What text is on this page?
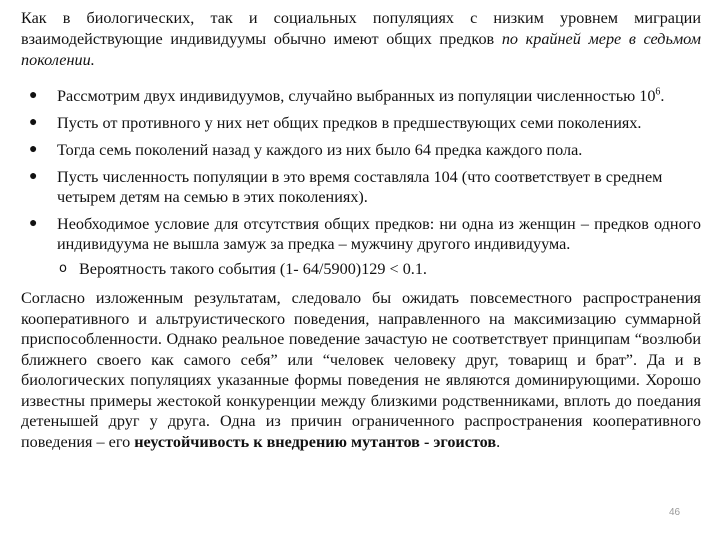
Как в биологических, так и социальных популяциях с низким уровнем миграции взаимодействующие индивидуумы обычно имеют общих предков по крайней мере в седьмом поколении.

● Рассмотрим двух индивидуумов, случайно выбранных из популяции численностью $10^6$.
● Пусть от противного у них нет общих предков в предшествующих семи поколениях.
● Тогда семь поколений назад у каждого из них было 64 предка каждого пола.
● Пусть численность популяции в это время составляла 104 (что соответствует в среднем четырем детям на семью в этих поколениях).
● Необходимое условие для отсутствия общих предков: ни одна из женщин – предков одного индивидуума не вышла замуж за предка – мужчину другого индивидуума.
o Вероятность такого события (1- 64/5900)129 < 0.1.

Согласно изложенным результатам, следовало бы ожидать повсеместного распространения кооперативного и альтруистического поведения, направленного на максимизацию суммарной приспособленности. Однако реальное поведение зачастую не соответствует принципам “возлюби ближнего своего как самого себя” или “человек человеку друг, товарищ и брат”. Да и в биологических популяциях указанные формы поведения не являются доминирующими. Хорошо известны примеры жестокой конкуренции между близкими родственниками, вплоть до поедания детенышей друг у друга. Одна из причин ограниченного распространения кооперативного поведения – его неустойчивость к внедрению мутантов - эгоистов.

46
